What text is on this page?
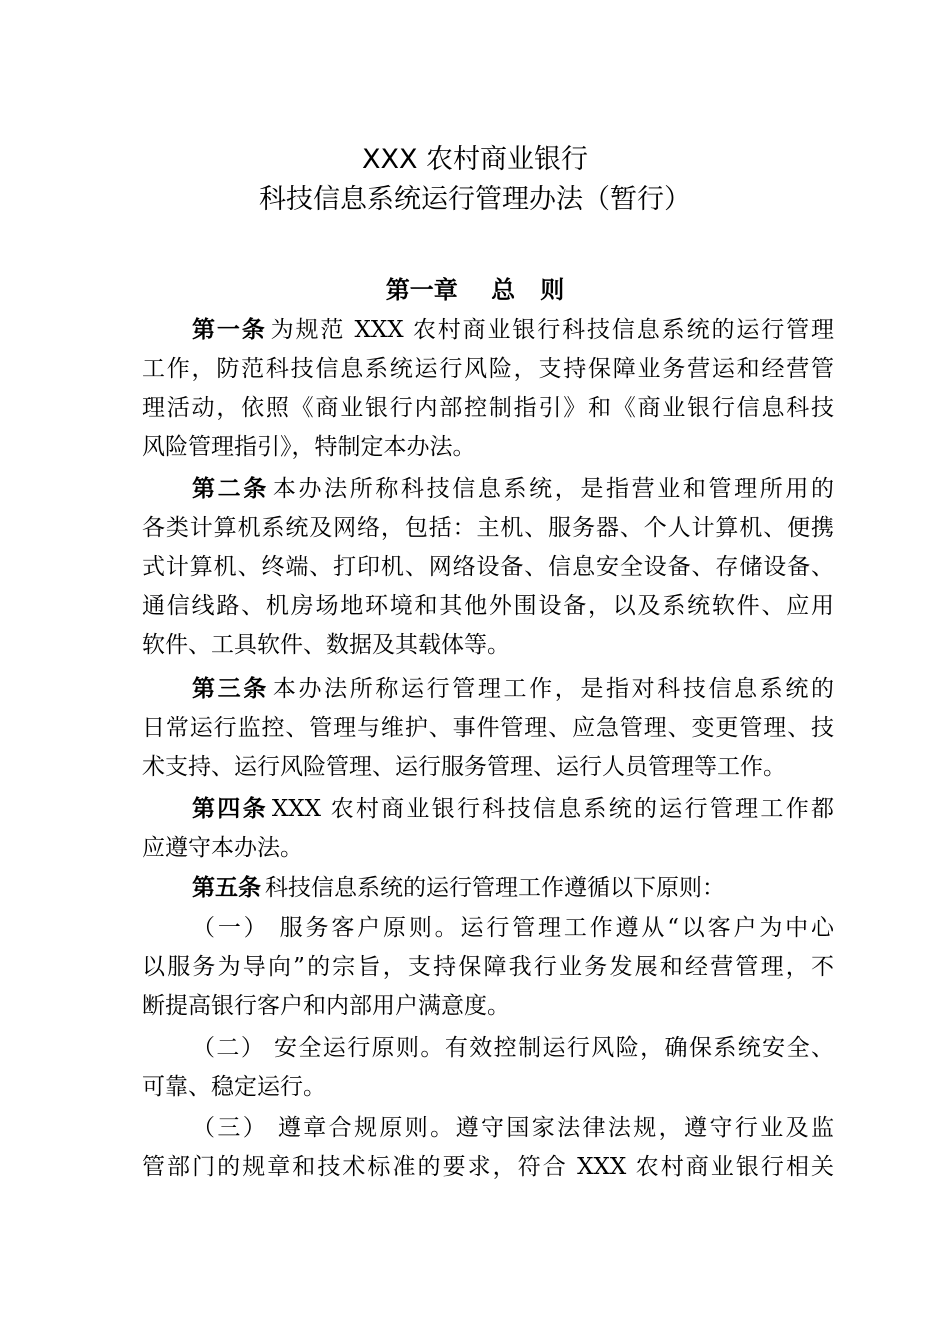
XXX 农村商业银行
科技信息系统运行管理办法（暂行）
第一章    总   则
第一条 为规范 XXX 农村商业银行科技信息系统的运行管理
工作，防范科技信息系统运行风险，支持保障业务营运和经营管
理活动，依照《商业银行内部控制指引》和《商业银行信息科技
风险管理指引》，特制定本办法。
第二条 本办法所称科技信息系统，是指营业和管理所用的
各类计算机系统及网络，包括：主机、服务器、个人计算机、便携
式计算机、终端、打印机、网络设备、信息安全设备、存储设备、
通信线路、机房场地环境和其他外围设备，以及系统软件、应用
软件、工具软件、数据及其载体等。
第三条 本办法所称运行管理工作，是指对科技信息系统的
日常运行监控、管理与维护、事件管理、应急管理、变更管理、技
术支持、运行风险管理、运行服务管理、运行人员管理等工作。
第四条 XXX 农村商业银行科技信息系统的运行管理工作都
应遵守本办法。
第五条 科技信息系统的运行管理工作遵循以下原则：
（一） 服务客户原则。运行管理工作遵从“以客户为中心
以服务为导向”的宗旨，支持保障我行业务发展和经营管理，不
断提高银行客户和内部用户满意度。
（二） 安全运行原则。有效控制运行风险，确保系统安全、
可靠、稳定运行。
（三） 遵章合规原则。遵守国家法律法规，遵守行业及监
管部门的规章和技术标准的要求，符合 XXX 农村商业银行相关
